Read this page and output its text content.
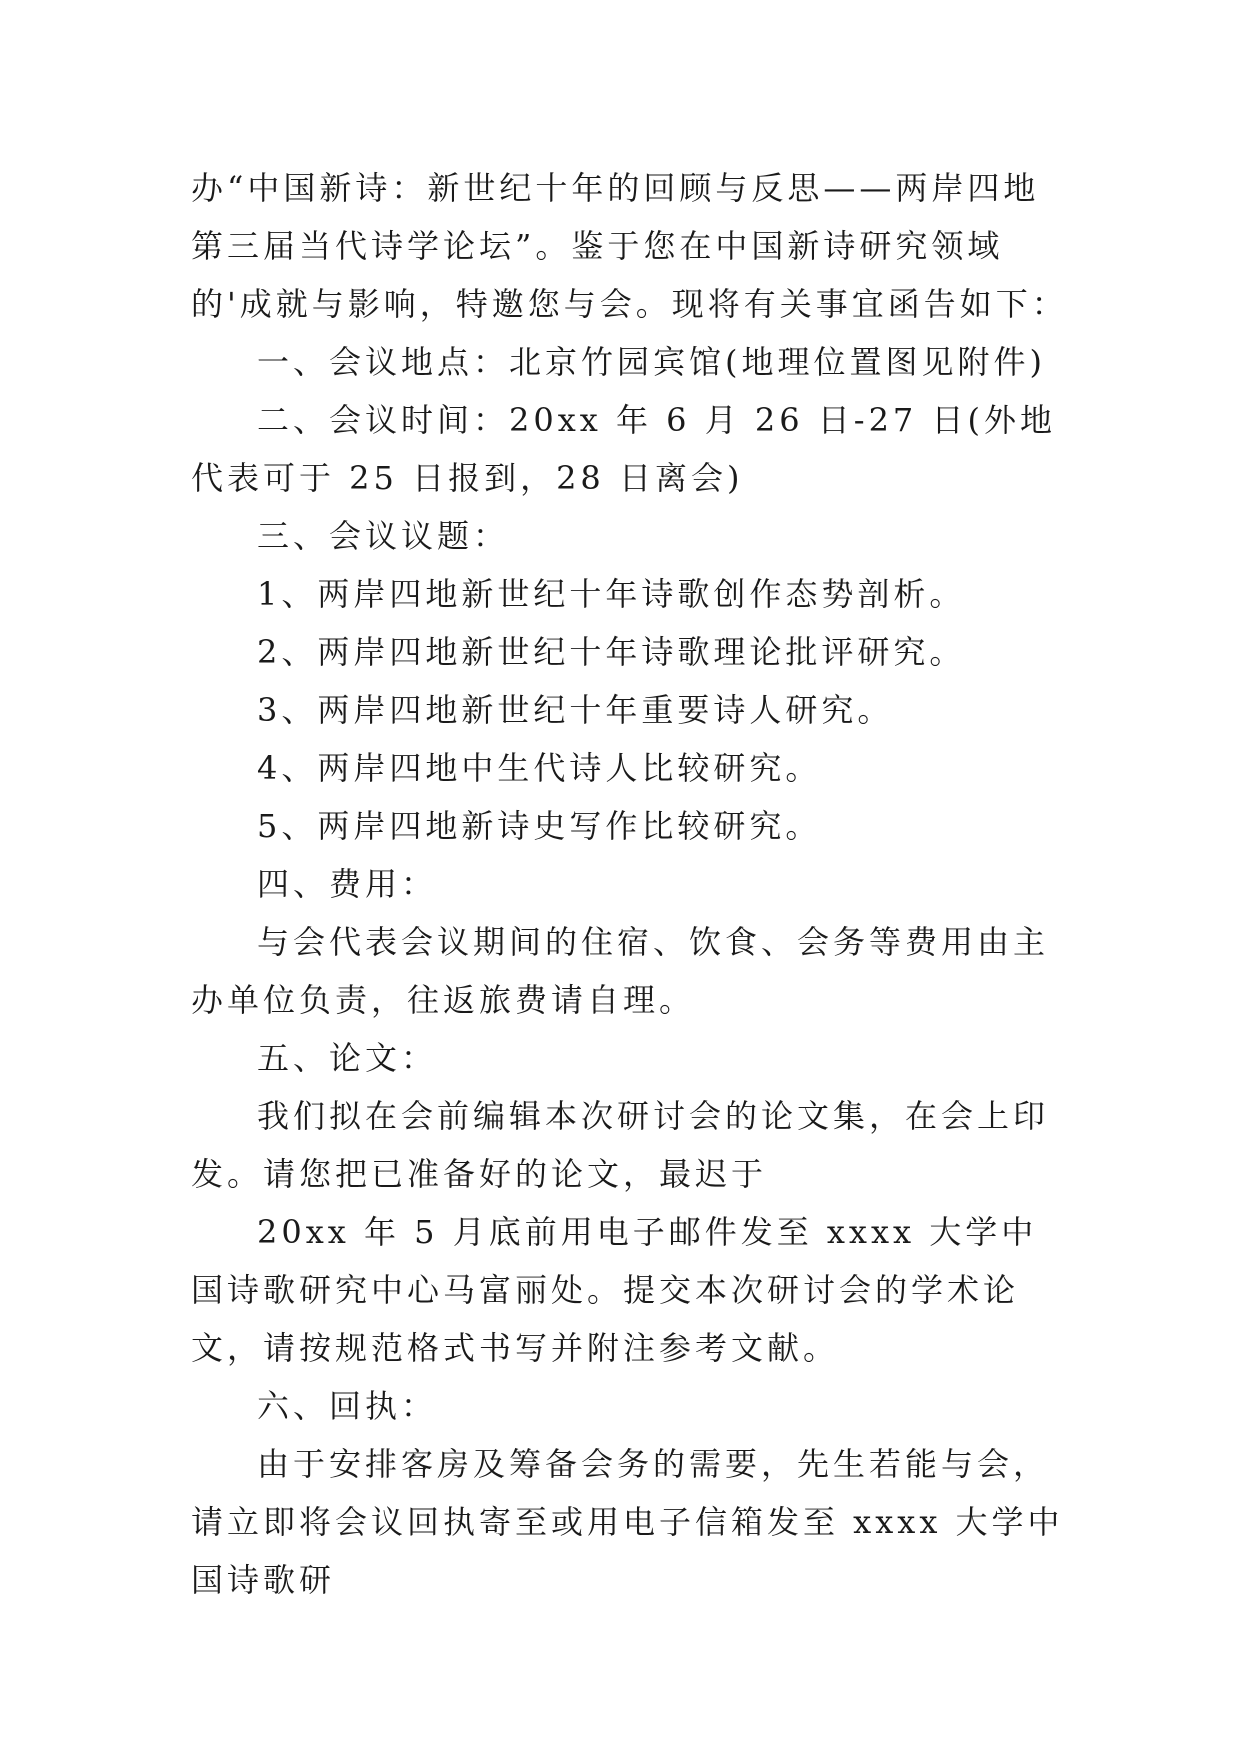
办“中国新诗：新世纪十年的回顾与反思——两岸四地第三届当代诗学论坛”。鉴于您在中国新诗研究领域的'成就与影响，特邀您与会。现将有关事宜函告如下：

一、会议地点：北京竹园宾馆(地理位置图见附件)

二、会议时间：20xx 年 6 月 26 日-27 日(外地代表可于 25 日报到，28 日离会)

三、会议议题：

1、两岸四地新世纪十年诗歌创作态势剖析。

2、两岸四地新世纪十年诗歌理论批评研究。

3、两岸四地新世纪十年重要诗人研究。

4、两岸四地中生代诗人比较研究。

5、两岸四地新诗史写作比较研究。

四、费用：

与会代表会议期间的住宿、饮食、会务等费用由主办单位负责，往返旅费请自理。

五、论文：

我们拟在会前编辑本次研讨会的论文集，在会上印发。请您把已准备好的论文，最迟于

20xx 年 5 月底前用电子邮件发至 xxxx 大学中国诗歌研究中心马富丽处。提交本次研讨会的学术论文，请按规范格式书写并附注参考文献。

六、回执：

由于安排客房及筹备会务的需要，先生若能与会，请立即将会议回执寄至或用电子信箱发至 xxxx 大学中国诗歌研
